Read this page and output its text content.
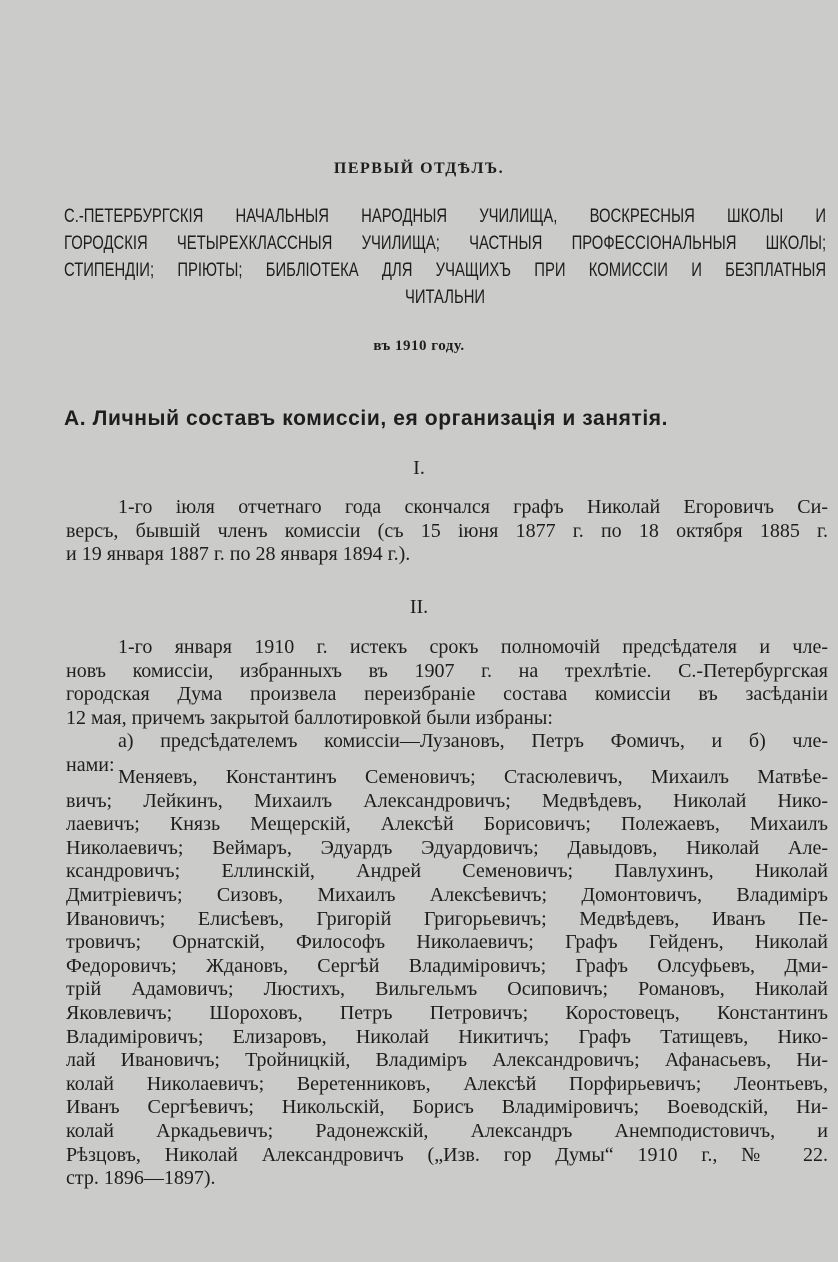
ПЕРВЫЙ ОТДѢЛЪ.
С.-ПЕТЕРБУРГСКІЯ НАЧАЛЬНЫЯ НАРОДНЫЯ УЧИЛИЩА, ВОСКРЕСНЫЯ ШКОЛЫ И
ГОРОДСКІЯ ЧЕТЫРЕХКЛАССНЫЯ УЧИЛИЩА; ЧАСТНЫЯ ПРОФЕССІОНАЛЬНЫЯ ШКОЛЫ;
СТИПЕНДІИ; ПРІЮТЫ; БИБЛІОТЕКА ДЛЯ УЧАЩИХЪ ПРИ КОМИССІИ И БЕЗПЛАТНЫЯ
ЧИТАЛЬНИ
въ 1910 году.
А. Личный составъ комиссіи, ея организація и занятія.
I.
1-го іюля отчетнаго года скончался графъ Николай Егоровичъ Си-
версъ, бывшій членъ комиссіи (съ 15 іюня 1877 г. по 18 октября 1885 г.
и 19 января 1887 г. по 28 января 1894 г.).
II.
1-го января 1910 г. истекъ срокъ полномочій предсѣдателя и чле-
новъ комиссіи, избранныхъ въ 1907 г. на трехлѣтіе. С.-Петербургская
городская Дума произвела переизбраніе состава комиссіи въ засѣданіи
12 мая, причемъ закрытой баллотировкой были избраны:
а) предсѣдателемъ комиссіи—Лузановъ, Петръ Фомичъ, и б) чле-
нами:
Меняевъ, Константинъ Семеновичъ; Стасюлевичъ, Михаилъ Матвѣе-
вичъ; Лейкинъ, Михаилъ Александровичъ; Медвѣдевъ, Николай Нико-
лаевичъ; Князь Мещерскій, Алексѣй Борисовичъ; Полежаевъ, Михаилъ
Николаевичъ; Веймаръ, Эдуардъ Эдуардовичъ; Давыдовъ, Николай Але-
ксандровичъ; Еллинскій, Андрей Семеновичъ; Павлухинъ, Николай
Дмитріевичъ; Сизовъ, Михаилъ Алексѣевичъ; Домонтовичъ, Владиміръ
Ивановичъ; Елисѣевъ, Григорій Григорьевичъ; Медвѣдевъ, Иванъ Пе-
тровичъ; Орнатскій, Философъ Николаевичъ; Графъ Гейденъ, Николай
Федоровичъ; Ждановъ, Сергѣй Владиміровичъ; Графъ Олсуфьевъ, Дми-
трій Адамовичъ; Люстихъ, Вильгельмъ Осиповичъ; Романовъ, Николай
Яковлевичъ; Шороховъ, Петръ Петровичъ; Коростовецъ, Константинъ
Владиміровичъ; Елизаровъ, Николай Никитичъ; Графъ Татищевъ, Нико-
лай Ивановичъ; Тройницкій, Владиміръ Александровичъ; Афанасьевъ, Ни-
колай Николаевичъ; Веретенниковъ, Алексѣй Порфирьевичъ; Леонтьевъ,
Иванъ Сергѣевичъ; Никольскій, Борисъ Владиміровичъ; Воеводскій, Ни-
колай Аркадьевичъ; Радонежскій, Александръ Анемподистовичъ, и
Рѣзцовъ, Николай Александровичъ („Изв. гор Думы“ 1910 г., № 22.
стр. 1896—1897).
